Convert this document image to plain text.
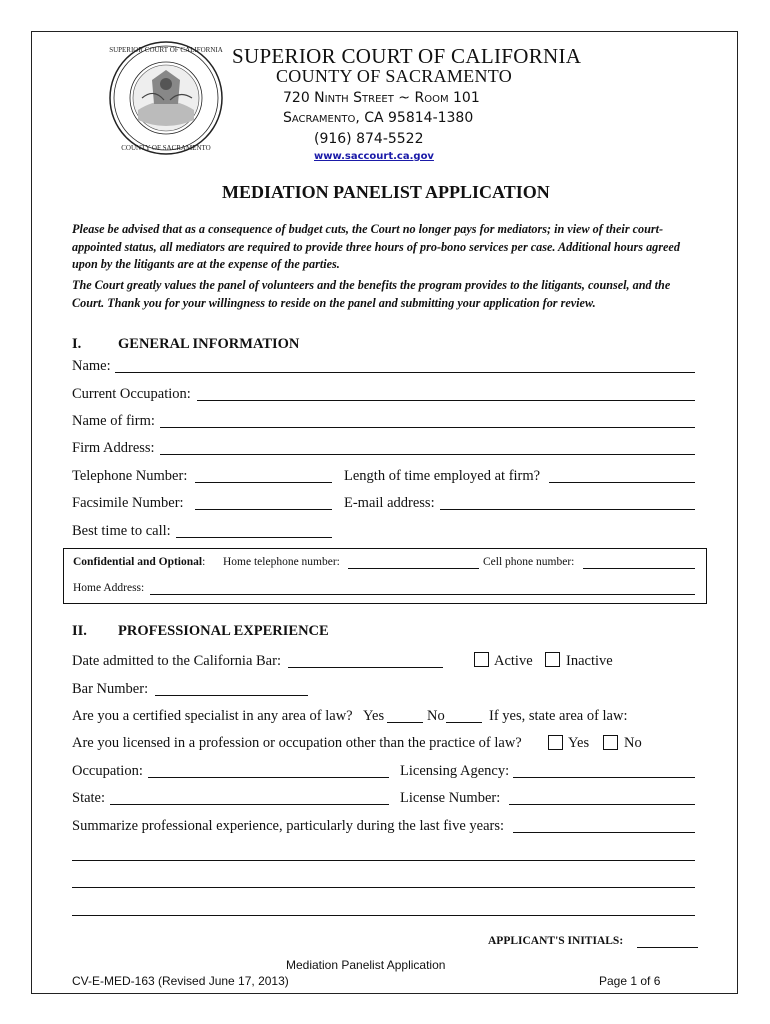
SUPERIOR COURT OF CALIFORNIA
COUNTY OF SACRAMENTO
SUPERIOR COURT OF CALIFORNIA
COUNTY OF SACRAMENTO
720 Ninth Street ~ Room 101
Sacramento, CA 95814-1380
(916) 874-5522
www.saccourt.ca.gov
MEDIATION PANELIST APPLICATION
Please be advised that as a consequence of budget cuts, the Court no longer pays for mediators; in view of their court-appointed status, all mediators are required to provide three hours of pro-bono services per case. Additional hours agreed upon by the litigants are at the expense of the parties.
The Court greatly values the panel of volunteers and the benefits the program provides to the litigants, counsel, and the Court. Thank you for your willingness to reside on the panel and submitting your application for review.
I.	GENERAL INFORMATION
Name:
Current Occupation:
Name of firm:
Firm Address:
Telephone Number:	Length of time employed at firm?
Facsimile Number:	E-mail address:
Best time to call:
Confidential and Optional: Home telephone number:	Cell phone number:
Home Address:
II. PROFESSIONAL EXPERIENCE
Date admitted to the California Bar:	Active Inactive
Bar Number:
Are you a certified specialist in any area of law? Yes	No	If yes, state area of law:
Are you licensed in a profession or occupation other than the practice of law?	Yes No
Occupation:	Licensing Agency:
State:	License Number:
Summarize professional experience, particularly during the last five years:
APPLICANT'S INITIALS:
Mediation Panelist Application
CV-E-MED-163 (Revised June 17, 2013)	Page 1 of 6
